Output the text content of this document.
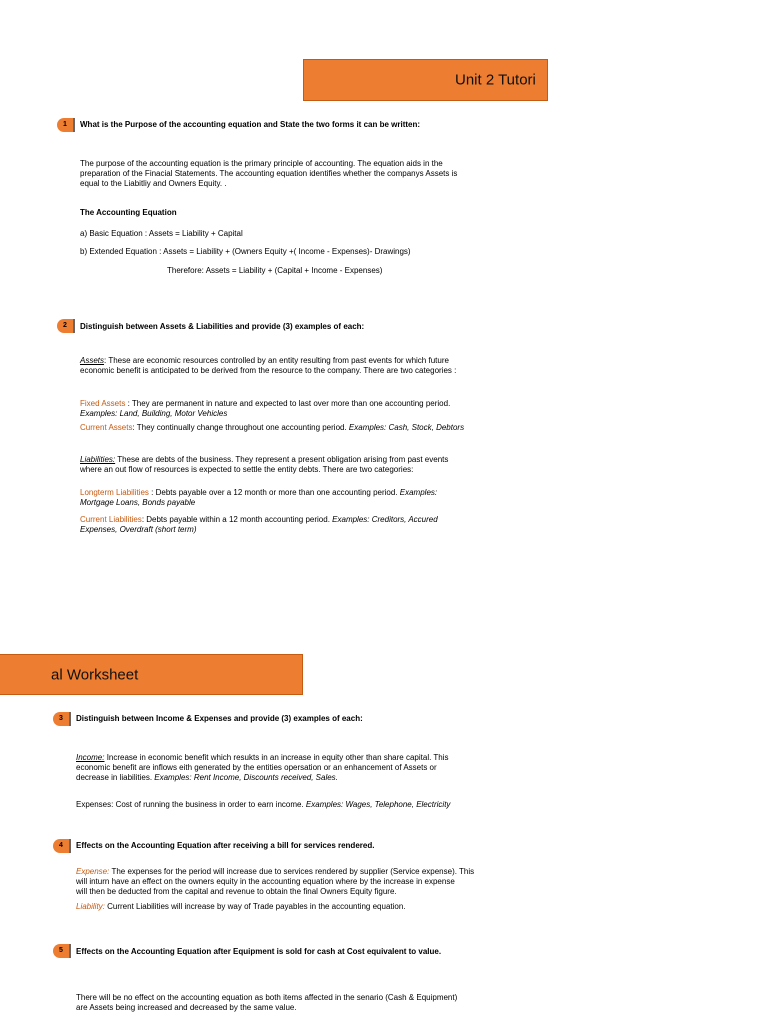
Unit 2 Tutori
1	What is the Purpose of the accounting equation and State the two forms it can be written:
The purpose of the accounting equation is the primary principle of accounting. The equation aids in the
preparation of the Finacial Statements. The accounting equation identifies whether the companys Assets is
equal to the Liabitliy and Owners Equity. .
The Accounting Equation
a) Basic Equation : Assets = Liability + Capital
b) Extended Equation : Assets = Liability + (Owners Equity +( Income - Expenses)- Drawings)
Therefore: Assets = Liability + (Capital + Income - Expenses)
2	Distinguish between Assets & Liabilities and provide (3) examples of each:
Assets: These are economic resources controlled by an entity resulting from past events for which future
economic benefit is anticipated to be derived from the resource to the company. There are two categories :
Fixed Assets : They are permanent in nature and expected to last over more than one accounting period.
Examples: Land, Building, Motor Vehicles
Current Assets: They continually change throughout one accounting period. Examples: Cash, Stock, Debtors
Liabilities: These are debts of the business. They represent a present obligation arising from past events
where an out flow of resources is expected to settle the entity debts. There are two categories:
Longterm Liabilities : Debts payable over a 12 month or more than one accounting period. Examples:
Mortgage Loans, Bonds payable
Current Liabilities: Debts payable within a 12 month accounting period. Examples: Creditors, Accured
Expenses, Overdraft (short term)
al Worksheet
3	Distinguish between Income & Expenses and provide (3) examples of each:
Income: Increase in economic benefit which resukts in an increase in equity other than share capital. This
economic benefit are inflows eith generated by the entities opersation or an enhancement of Assets or
decrease in liabilities. Examples: Rent Income, Discounts received, Sales.
Expenses: Cost of running the business in order to earn income. Examples: Wages, Telephone, Electricity
4	Effects on the Accounting Equation after receiving a bill for services rendered.
Expense: The expenses for the period will increase due to services rendered by supplier (Service expense). This
will inturn have an effect on the owners equity in the accounting equation where by the increase in expense
will then be deducted from the capital and revenue to obtain the final Owners Equity figure.
Liability: Current Liabilities will increase by way of Trade payables in the accounting equation.
5	Effects on the Accounting Equation after Equipment is sold for cash at Cost equivalent to value.
There will be no effect on the accounting equation as both items affected in the senario (Cash & Equipment)
are Assets being increased and decreased by the same value.
